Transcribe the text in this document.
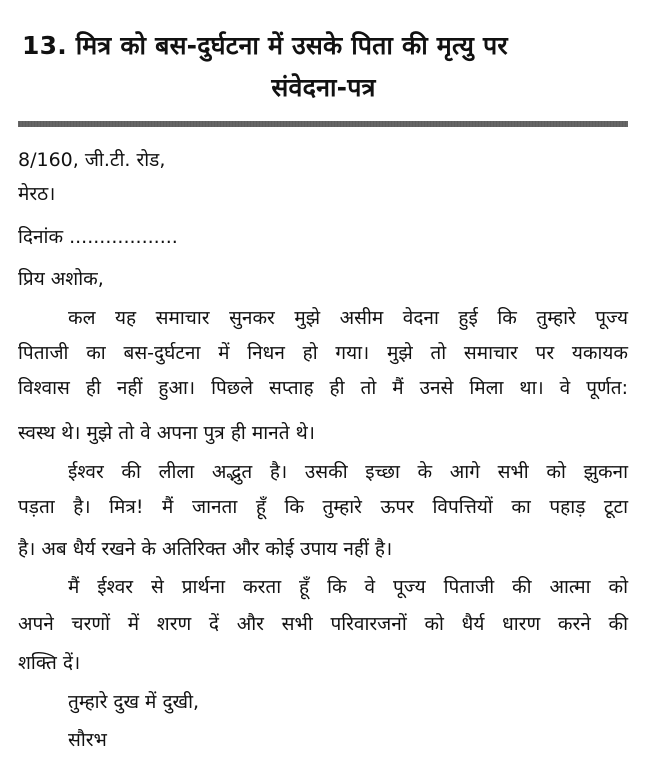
13. मित्र को बस-दुर्घटना में उसके पिता की मृत्यु पर
संवेदना-पत्र
8/160, जी.टी. रोड,
मेरठ।
दिनांक ..................
प्रिय अशोक,
कल यह समाचार सुनकर मुझे असीम वेदना हुई कि तुम्हारे पूज्य
पिताजी का बस-दुर्घटना में निधन हो गया। मुझे तो समाचार पर यकायक
विश्वास ही नहीं हुआ। पिछले सप्ताह ही तो मैं उनसे मिला था। वे पूर्णत:
स्वस्थ थे। मुझे तो वे अपना पुत्र ही मानते थे।
ईश्वर की लीला अद्भुत है। उसकी इच्छा के आगे सभी को झुकना
पड़ता है। मित्र! मैं जानता हूँ कि तुम्हारे ऊपर विपत्तियों का पहाड़ टूटा
है। अब धैर्य रखने के अतिरिक्त और कोई उपाय नहीं है।
मैं ईश्वर से प्रार्थना करता हूँ कि वे पूज्य पिताजी की आत्मा को
अपने चरणों में शरण दें और सभी परिवारजनों को धैर्य धारण करने की
शक्ति दें।
तुम्हारे दुख में दुखी,
सौरभ
